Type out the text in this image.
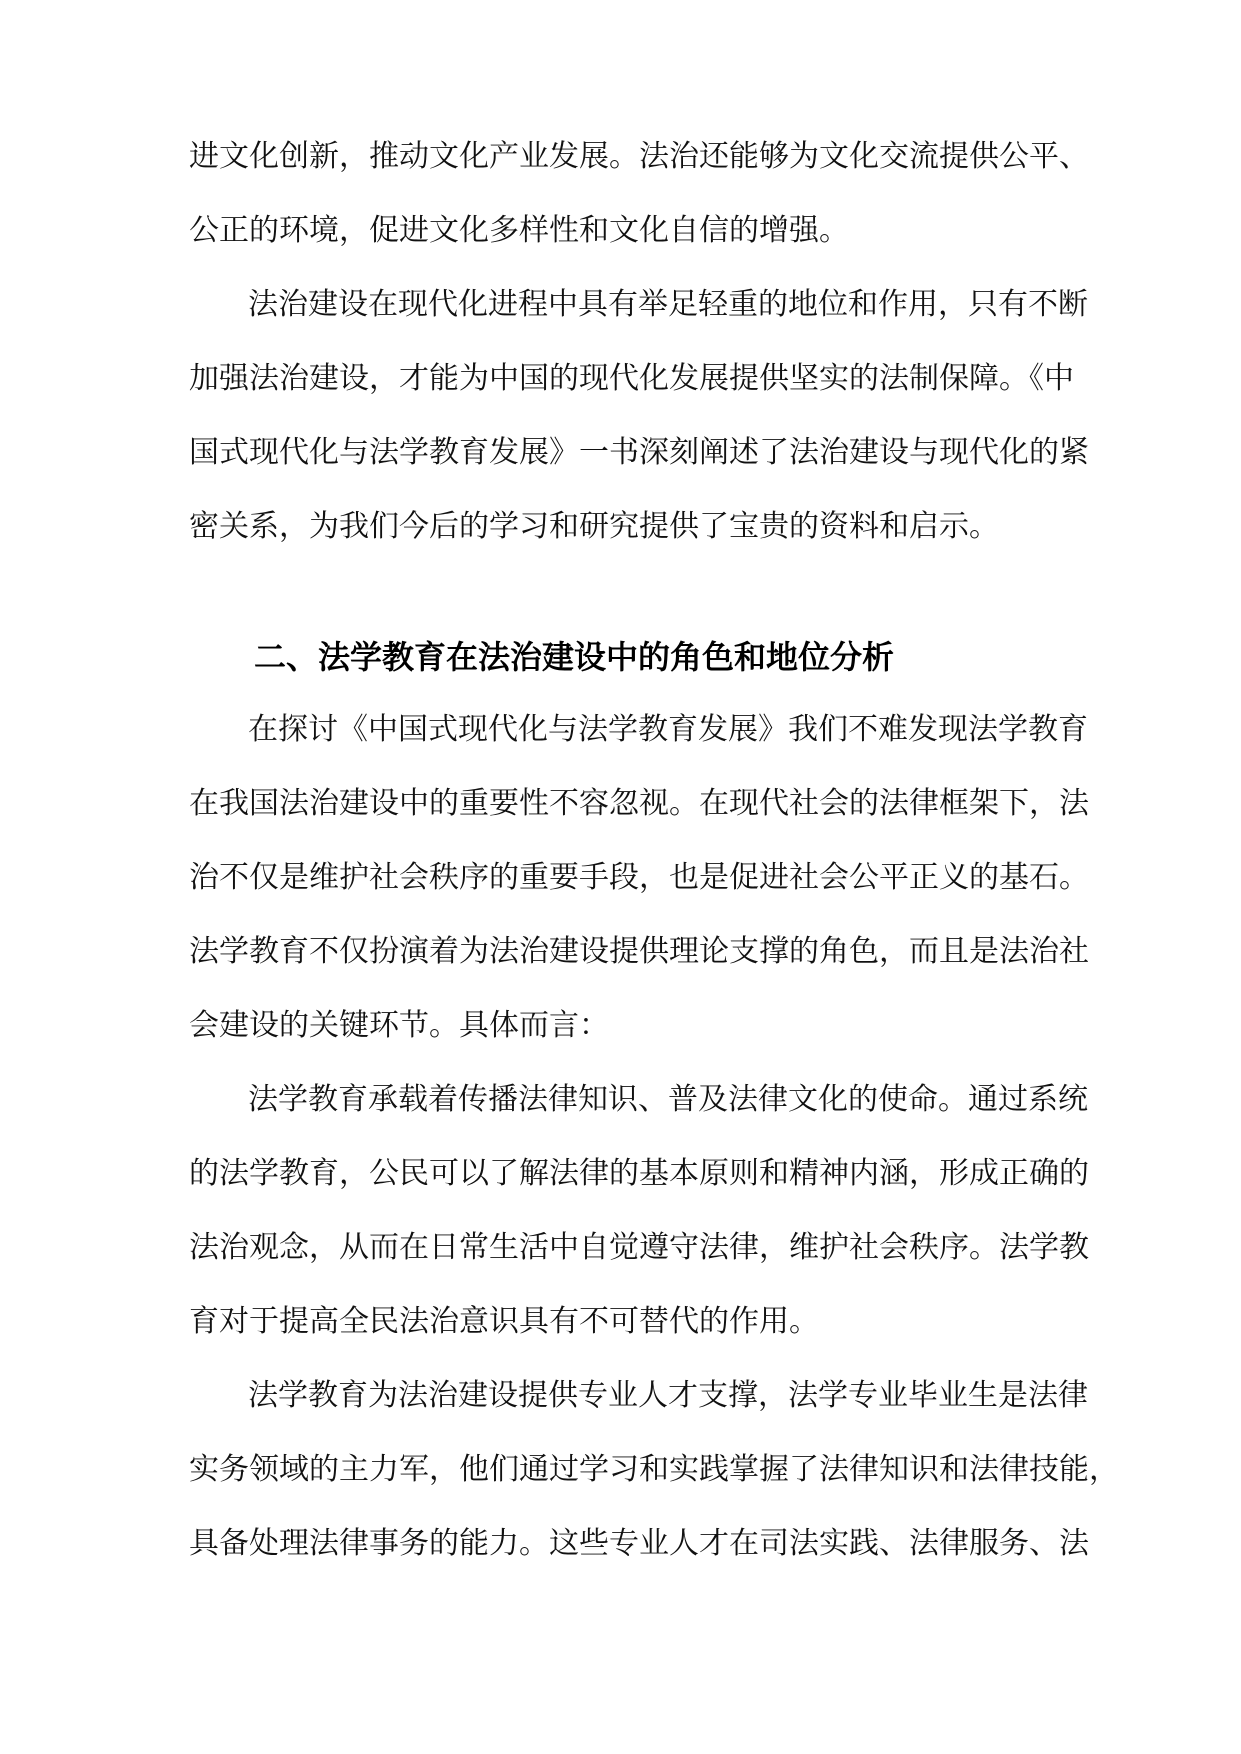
进文化创新，推动文化产业发展。法治还能够为文化交流提供公平、
公正的环境，促进文化多样性和文化自信的增强。
法治建设在现代化进程中具有举足轻重的地位和作用，只有不断
加强法治建设，才能为中国的现代化发展提供坚实的法制保障。《中
国式现代化与法学教育发展》一书深刻阐述了法治建设与现代化的紧
密关系，为我们今后的学习和研究提供了宝贵的资料和启示。
二、法学教育在法治建设中的角色和地位分析
在探讨《中国式现代化与法学教育发展》我们不难发现法学教育
在我国法治建设中的重要性不容忽视。在现代社会的法律框架下，法
治不仅是维护社会秩序的重要手段，也是促进社会公平正义的基石。
法学教育不仅扮演着为法治建设提供理论支撑的角色，而且是法治社
会建设的关键环节。具体而言：
法学教育承载着传播法律知识、普及法律文化的使命。通过系统
的法学教育，公民可以了解法律的基本原则和精神内涵，形成正确的
法治观念，从而在日常生活中自觉遵守法律，维护社会秩序。法学教
育对于提高全民法治意识具有不可替代的作用。
法学教育为法治建设提供专业人才支撑，法学专业毕业生是法律
实务领域的主力军，他们通过学习和实践掌握了法律知识和法律技能，
具备处理法律事务的能力。这些专业人才在司法实践、法律服务、法
